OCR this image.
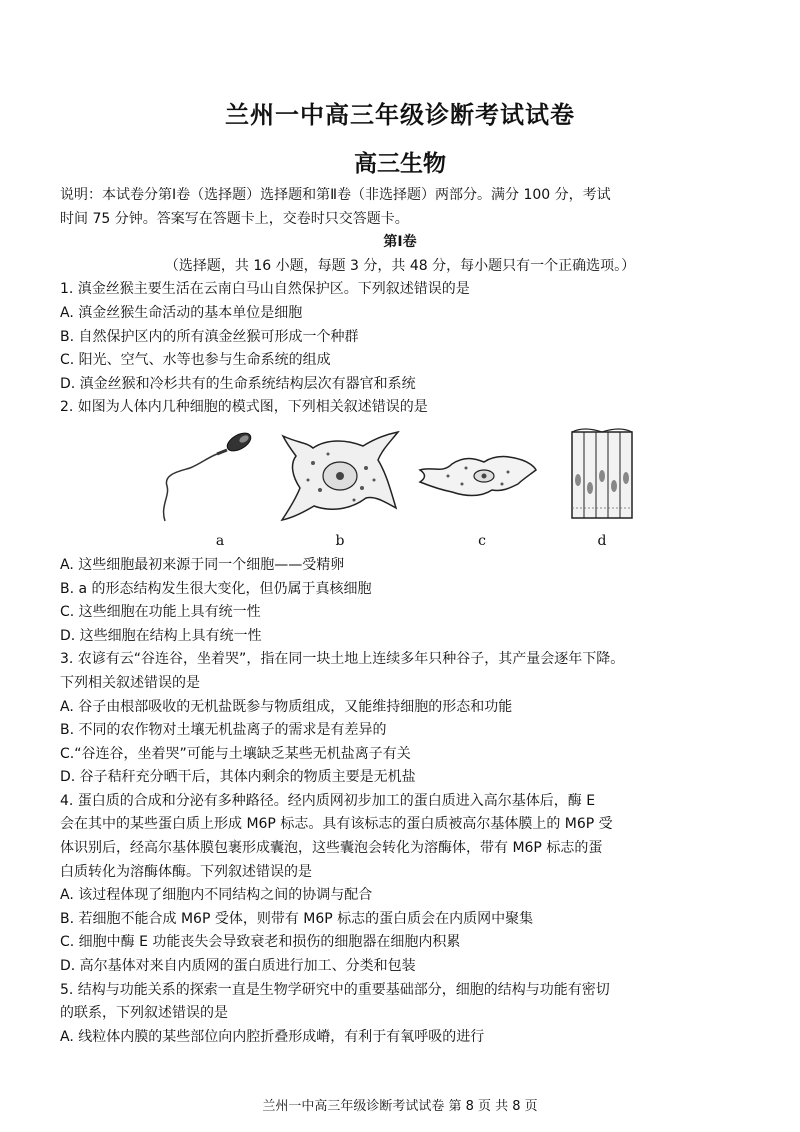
兰州一中高三年级诊断考试试卷
高三生物

说明：本试卷分第Ⅰ卷（选择题）选择题和第Ⅱ卷（非选择题）两部分。满分 100 分，考试

时间 75 分钟。答案写在答题卡上，交卷时只交答题卡。

第Ⅰ卷

（选择题，共 16 小题，每题 3 分，共 48 分，每小题只有一个正确选项。）

1. 滇金丝猴主要生活在云南白马山自然保护区。下列叙述错误的是

A. 滇金丝猴生命活动的基本单位是细胞

B. 自然保护区内的所有滇金丝猴可形成一个种群

C. 阳光、空气、水等也参与生命系统的组成

D. 滇金丝猴和冷杉共有的生命系统结构层次有器官和系统

2. 如图为人体内几种细胞的模式图，下列相关叙述错误的是

a	b	c	d

A. 这些细胞最初来源于同一个细胞——受精卵

B. a 的形态结构发生很大变化，但仍属于真核细胞

C. 这些细胞在功能上具有统一性

D. 这些细胞在结构上具有统一性

3. 农谚有云“谷连谷，坐着哭”，指在同一块土地上连续多年只种谷子，其产量会逐年下降。

下列相关叙述错误的是

A. 谷子由根部吸收的无机盐既参与物质组成，又能维持细胞的形态和功能

B. 不同的农作物对土壤无机盐离子的需求是有差异的

C.“谷连谷，坐着哭”可能与土壤缺乏某些无机盐离子有关

D. 谷子秸秆充分晒干后，其体内剩余的物质主要是无机盐

4. 蛋白质的合成和分泌有多种路径。经内质网初步加工的蛋白质进入高尔基体后，酶 E

会在其中的某些蛋白质上形成 M6P 标志。具有该标志的蛋白质被高尔基体膜上的 M6P 受

体识别后，经高尔基体膜包裹形成囊泡，这些囊泡会转化为溶酶体，带有 M6P 标志的蛋

白质转化为溶酶体酶。下列叙述错误的是

A. 该过程体现了细胞内不同结构之间的协调与配合

B. 若细胞不能合成 M6P 受体，则带有 M6P 标志的蛋白质会在内质网中聚集

C. 细胞中酶 E 功能丧失会导致衰老和损伤的细胞器在细胞内积累

D. 高尔基体对来自内质网的蛋白质进行加工、分类和包装

5. 结构与功能关系的探索一直是生物学研究中的重要基础部分，细胞的结构与功能有密切

的联系，下列叙述错误的是

A. 线粒体内膜的某些部位向内腔折叠形成嵴，有利于有氧呼吸的进行

兰州一中高三年级诊断考试试卷 第 8 页 共 8 页
